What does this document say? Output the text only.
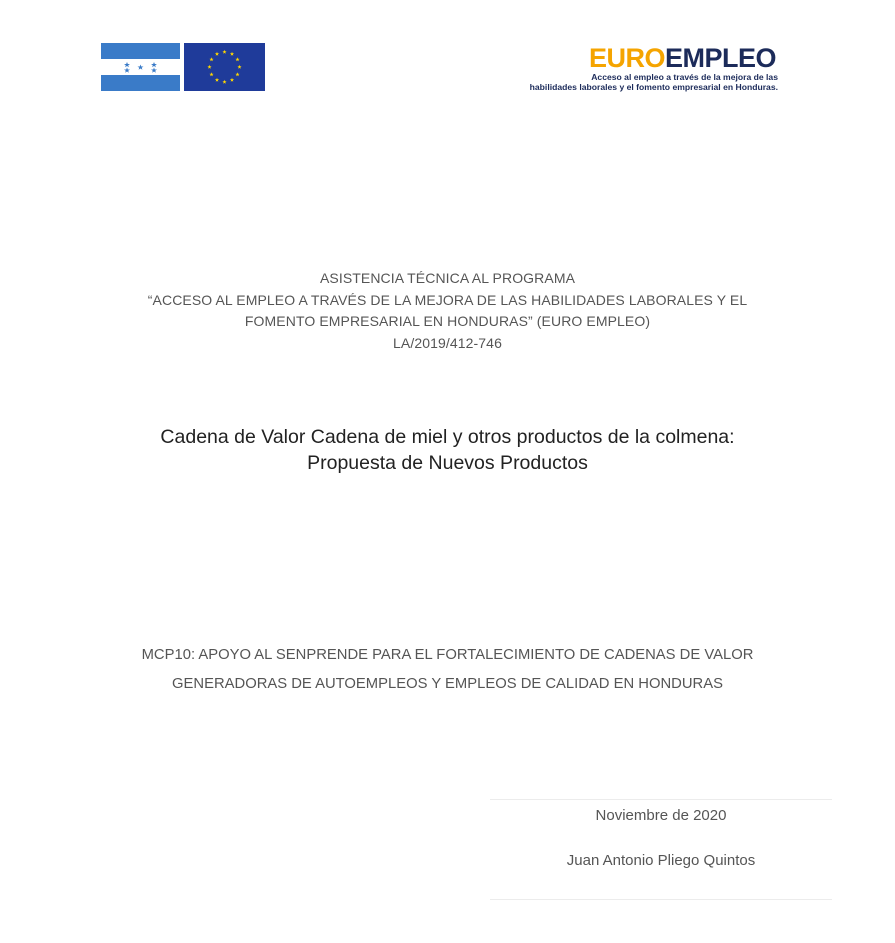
EUROEMPLEO
Acceso al empleo a través de la mejora de las
habilidades laborales y el fomento empresarial en Honduras.
ASISTENCIA TÉCNICA AL PROGRAMA
“ACCESO AL EMPLEO A TRAVÉS DE LA MEJORA DE LAS HABILIDADES LABORALES Y EL
FOMENTO EMPRESARIAL EN HONDURAS” (EURO EMPLEO)
LA/2019/412-746
Cadena de Valor Cadena de miel y otros productos de la colmena:
Propuesta de Nuevos Productos
MCP10: APOYO AL SENPRENDE PARA EL FORTALECIMIENTO DE CADENAS DE VALOR
GENERADORAS DE AUTOEMPLEOS Y EMPLEOS DE CALIDAD EN HONDURAS
Noviembre de 2020
Juan Antonio Pliego Quintos
